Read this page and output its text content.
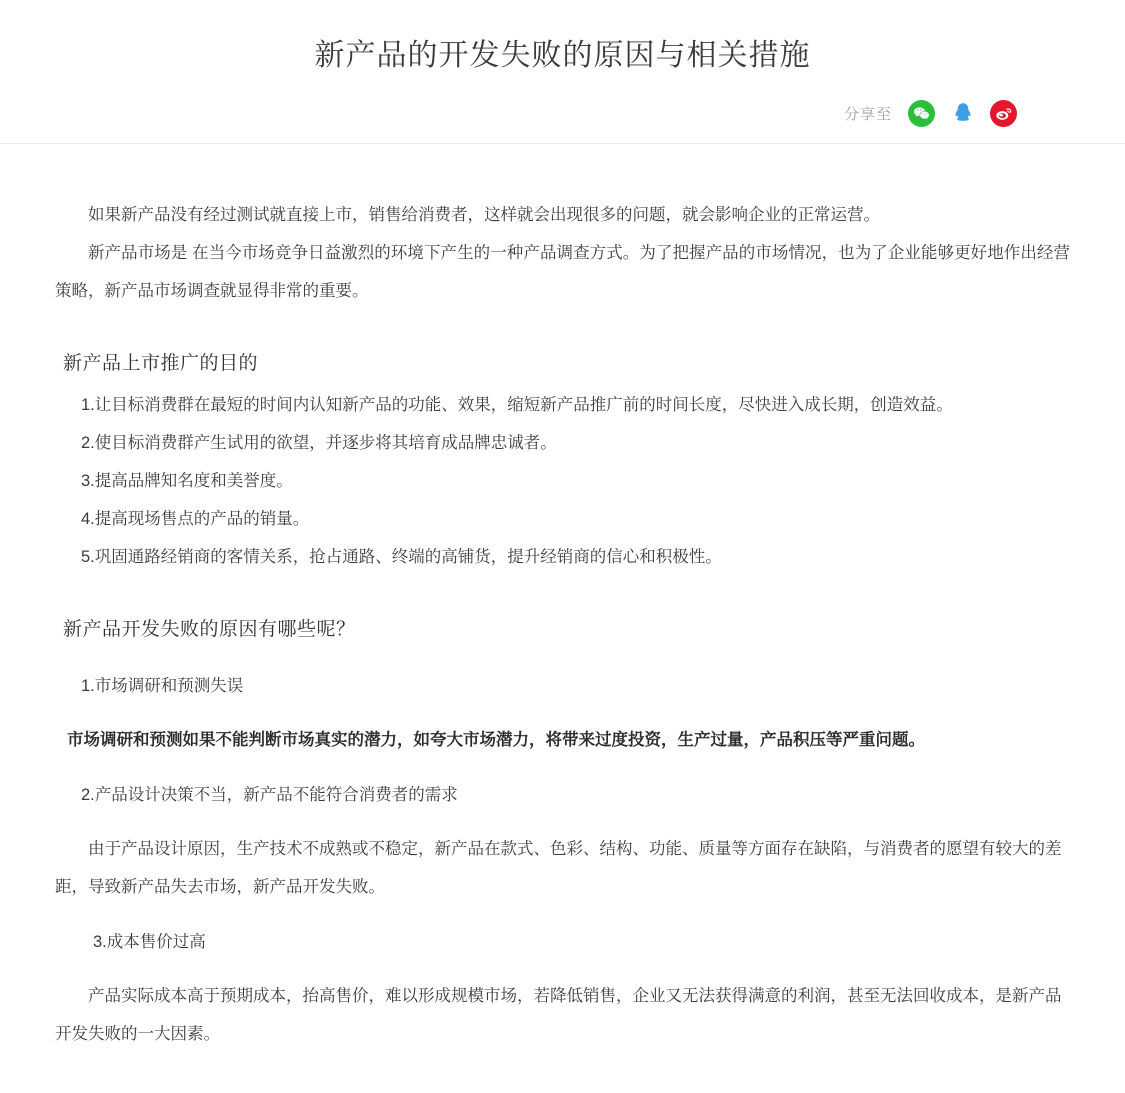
新产品的开发失败的原因与相关措施
分享至

如果新产品没有经过测试就直接上市，销售给消费者，这样就会出现很多的问题，就会影响企业的正常运营。

新产品市场是 在当今市场竞争日益激烈的环境下产生的一种产品调查方式。为了把握产品的市场情况，也为了企业能够更好地作出经营策略，新产品市场调查就显得非常的重要。

新产品上市推广的目的

1.让目标消费群在最短的时间内认知新产品的功能、效果，缩短新产品推广前的时间长度，尽快进入成长期，创造效益。

2.使目标消费群产生试用的欲望，并逐步将其培育成品牌忠诚者。

3.提高品牌知名度和美誉度。

4.提高现场售点的产品的销量。

5.巩固通路经销商的客情关系，抢占通路、终端的高铺货，提升经销商的信心和积极性。

新产品开发失败的原因有哪些呢？

1.市场调研和预测失误

市场调研和预测如果不能判断市场真实的潜力，如夸大市场潜力，将带来过度投资，生产过量，产品积压等严重问题。

2.产品设计决策不当，新产品不能符合消费者的需求

由于产品设计原因，生产技术不成熟或不稳定，新产品在款式、色彩、结构、功能、质量等方面存在缺陷，与消费者的愿望有较大的差距，导致新产品失去市场，新产品开发失败。

3.成本售价过高

产品实际成本高于预期成本，抬高售价，难以形成规模市场，若降低销售，企业又无法获得满意的利润，甚至无法回收成本，是新产品开发失败的一大因素。
